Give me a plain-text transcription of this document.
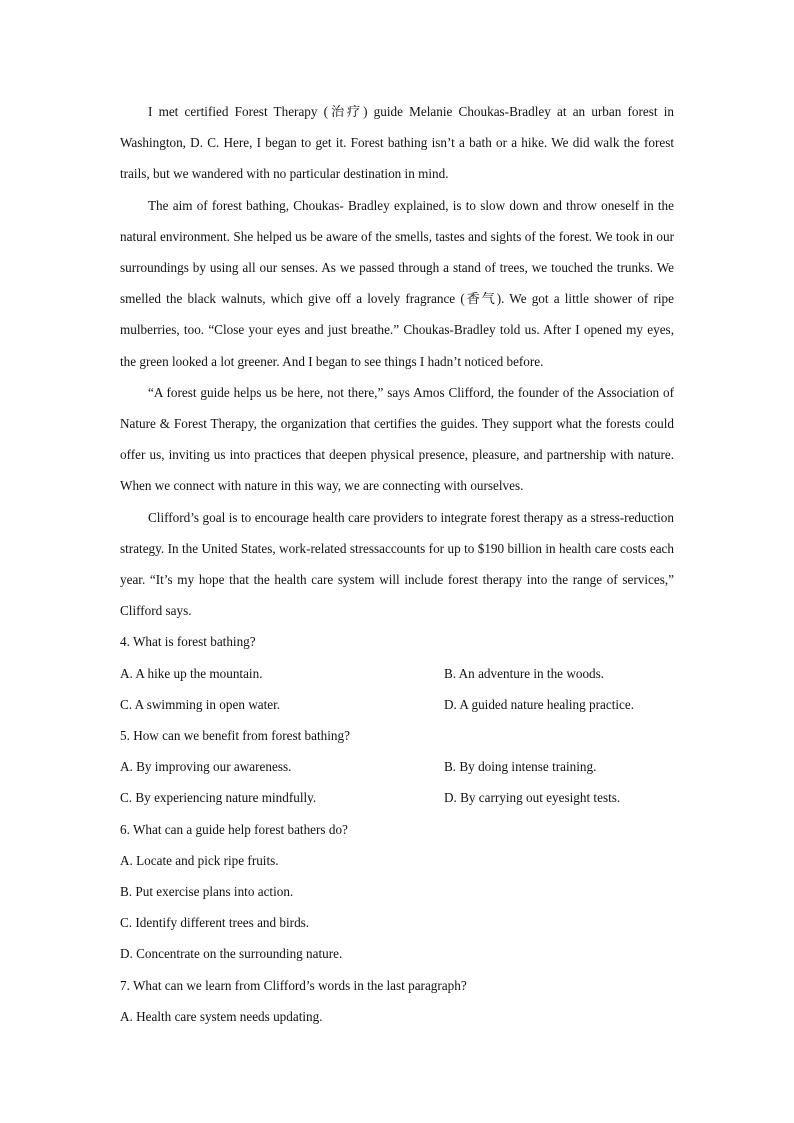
I met certified Forest Therapy (治疗) guide Melanie Choukas-Bradley at an urban forest in Washington, D. C. Here, I began to get it. Forest bathing isn’t a bath or a hike. We did walk the forest trails, but we wandered with no particular destination in mind.

The aim of forest bathing, Choukas- Bradley explained, is to slow down and throw oneself in the natural environment. She helped us be aware of the smells, tastes and sights of the forest. We took in our surroundings by using all our senses. As we passed through a stand of trees, we touched the trunks. We smelled the black walnuts, which give off a lovely fragrance (香气). We got a little shower of ripe mulberries, too. “Close your eyes and just breathe.” Choukas-Bradley told us. After I opened my eyes, the green looked a lot greener. And I began to see things I hadn’t noticed before.

“A forest guide helps us be here, not there,” says Amos Clifford, the founder of the Association of Nature & Forest Therapy, the organization that certifies the guides. They support what the forests could offer us, inviting us into practices that deepen physical presence, pleasure, and partnership with nature. When we connect with nature in this way, we are connecting with ourselves.

Clifford’s goal is to encourage health care providers to integrate forest therapy as a stress-reduction strategy. In the United States, work-related stressaccounts for up to $190 billion in health care costs each year. “It’s my hope that the health care system will include forest therapy into the range of services,” Clifford says.

4. What is forest bathing?

A. A hike up the mountain.	B. An adventure in the woods.
C. A swimming in open water.	D. A guided nature healing practice.

5. How can we benefit from forest bathing?

A. By improving our awareness.	B. By doing intense training.
C. By experiencing nature mindfully.	D. By carrying out eyesight tests.

6. What can a guide help forest bathers do?

A. Locate and pick ripe fruits.
B. Put exercise plans into action.
C. Identify different trees and birds.
D. Concentrate on the surrounding nature.

7. What can we learn from Clifford’s words in the last paragraph?

A. Health care system needs updating.
